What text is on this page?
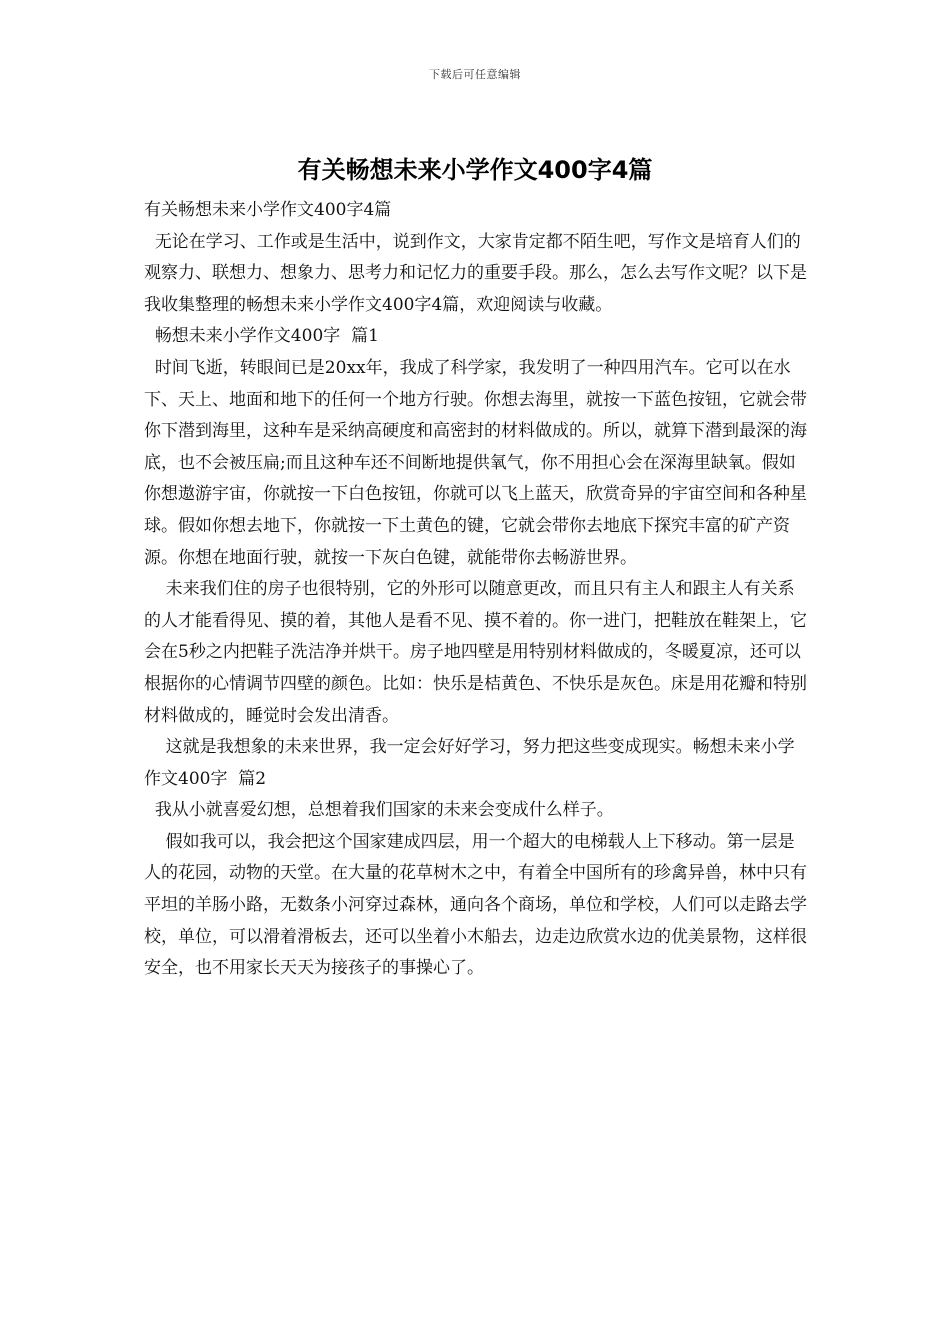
下载后可任意编辑
有关畅想未来小学作文400字4篇

有关畅想未来小学作文400字4篇

无论在学习、工作或是生活中，说到作文，大家肯定都不陌生吧，写作文是培育人们的观察力、联想力、想象力、思考力和记忆力的重要手段。那么，怎么去写作文呢？以下是我收集整理的畅想未来小学作文400字4篇，欢迎阅读与收藏。

畅想未来小学作文400字  篇1

时间飞逝，转眼间已是20xx年，我成了科学家，我发明了一种四用汽车。它可以在水下、天上、地面和地下的任何一个地方行驶。你想去海里，就按一下蓝色按钮，它就会带你下潜到海里，这种车是采纳高硬度和高密封的材料做成的。所以，就算下潜到最深的海底，也不会被压扁;而且这种车还不间断地提供氧气，你不用担心会在深海里缺氧。假如你想遨游宇宙，你就按一下白色按钮，你就可以飞上蓝天，欣赏奇异的宇宙空间和各种星球。假如你想去地下，你就按一下土黄色的键，它就会带你去地底下探究丰富的矿产资源。你想在地面行驶，就按一下灰白色键，就能带你去畅游世界。

未来我们住的房子也很特别，它的外形可以随意更改，而且只有主人和跟主人有关系的人才能看得见、摸的着，其他人是看不见、摸不着的。你一进门，把鞋放在鞋架上，它会在5秒之内把鞋子洗洁净并烘干。房子地四壁是用特别材料做成的，冬暖夏凉，还可以根据你的心情调节四壁的颜色。比如：快乐是桔黄色、不快乐是灰色。床是用花瓣和特别材料做成的，睡觉时会发出清香。

这就是我想象的未来世界，我一定会好好学习，努力把这些变成现实。畅想未来小学作文400字  篇2

我从小就喜爱幻想，总想着我们国家的未来会变成什么样子。

假如我可以，我会把这个国家建成四层，用一个超大的电梯载人上下移动。第一层是人的花园，动物的天堂。在大量的花草树木之中，有着全中国所有的珍禽异兽，林中只有平坦的羊肠小路，无数条小河穿过森林，通向各个商场，单位和学校，人们可以走路去学校，单位，可以滑着滑板去，还可以坐着小木船去，边走边欣赏水边的优美景物，这样很安全，也不用家长天天为接孩子的事操心了。
